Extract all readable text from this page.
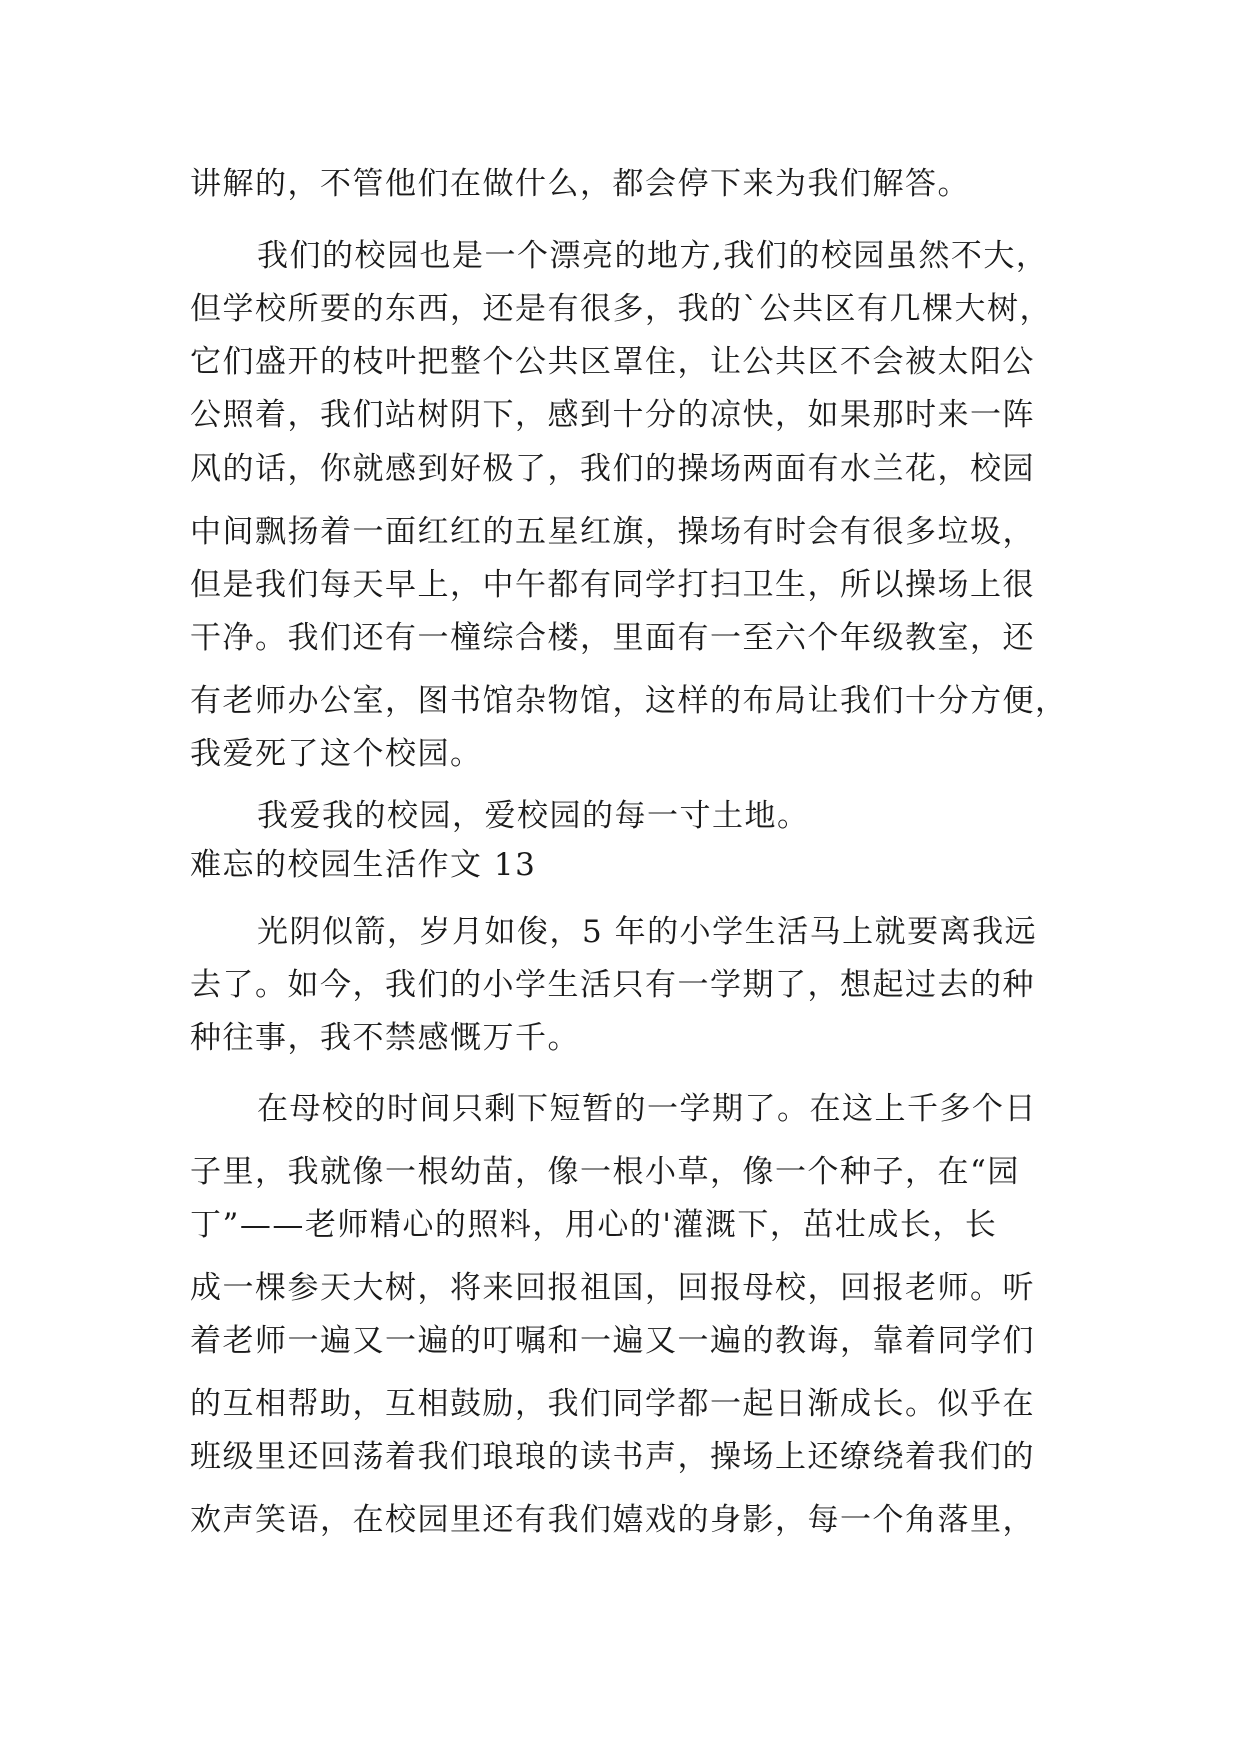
讲解的，不管他们在做什么，都会停下来为我们解答。
我们的校园也是一个漂亮的地方,我们的校园虽然不大，
但学校所要的东西，还是有很多，我的`公共区有几棵大树，
它们盛开的枝叶把整个公共区罩住，让公共区不会被太阳公
公照着，我们站树阴下，感到十分的凉快，如果那时来一阵
风的话，你就感到好极了，我们的操场两面有水兰花，校园
中间飘扬着一面红红的五星红旗，操场有时会有很多垃圾，
但是我们每天早上，中午都有同学打扫卫生，所以操场上很
干净。我们还有一橦综合楼，里面有一至六个年级教室，还
有老师办公室，图书馆杂物馆，这样的布局让我们十分方便，
我爱死了这个校园。
我爱我的校园，爱校园的每一寸土地。
难忘的校园生活作文 13
光阴似箭，岁月如俊，5 年的小学生活马上就要离我远
去了。如今，我们的小学生活只有一学期了，想起过去的种
种往事，我不禁感慨万千。
在母校的时间只剩下短暂的一学期了。在这上千多个日
子里，我就像一根幼苗，像一根小草，像一个种子，在“园
丁”——老师精心的照料，用心的'灌溉下，茁壮成长，长
成一棵参天大树，将来回报祖国，回报母校，回报老师。听
着老师一遍又一遍的叮嘱和一遍又一遍的教诲，靠着同学们
的互相帮助，互相鼓励，我们同学都一起日渐成长。似乎在
班级里还回荡着我们琅琅的读书声，操场上还缭绕着我们的
欢声笑语，在校园里还有我们嬉戏的身影，每一个角落里，
